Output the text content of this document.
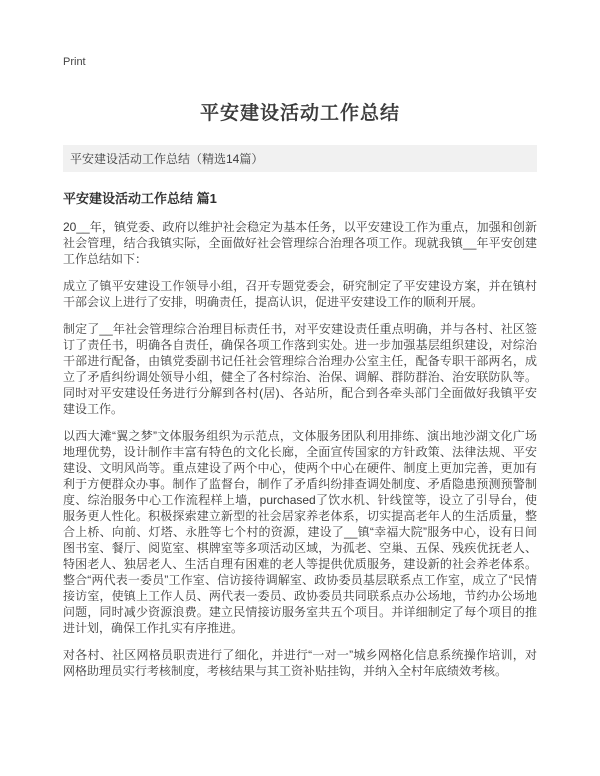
Print
平安建设活动工作总结
平安建设活动工作总结（精选14篇）
平安建设活动工作总结 篇1

20__年，镇党委、政府以维护社会稳定为基本任务，以平安建设工作为重点，加强和创新社会管理，结合我镇实际，全面做好社会管理综合治理各项工作。现就我镇__年平安创建工作总结如下：

成立了镇平安建设工作领导小组，召开专题党委会，研究制定了平安建设方案，并在镇村干部会议上进行了安排，明确责任，提高认识，促进平安建设工作的顺利开展。

制定了__年社会管理综合治理目标责任书，对平安建设责任重点明确，并与各村、社区签订了责任书，明确各自责任，确保各项工作落到实处。进一步加强基层组织建设，对综治干部进行配备，由镇党委副书记任社会管理综合治理办公室主任，配备专职干部两名，成立了矛盾纠纷调处领导小组，健全了各村综治、治保、调解、群防群治、治安联防队等。同时对平安建设任务进行分解到各村(居)、各站所，配合到各牵头部门全面做好我镇平安建设工作。

以西大滩“翼之梦”文体服务组织为示范点，文体服务团队利用排练、演出地沙湖文化广场地理优势，设计制作丰富有特色的文化长廊，全面宣传国家的方针政策、法律法规、平安建设、文明风尚等。重点建设了两个中心，使两个中心在硬件、制度上更加完善，更加有利于方便群众办事。制作了监督台，制作了矛盾纠纷排查调处制度、矛盾隐患预测预警制度、综治服务中心工作流程样上墙，purchased了饮水机、针线筐等，设立了引导台，使服务更人性化。积极探索建立新型的社会居家养老体系，切实提高老年人的生活质量，整合上桥、向前、灯塔、永胜等七个村的资源，建设了__镇“幸福大院”服务中心，设有日间图书室、餐厅、阅览室、棋牌室等多项活动区域，为孤老、空巢、五保、残疾优抚老人、特困老人、独居老人、生活自理有困难的老人等提供优质服务，建设新的社会养老体系。整合“两代表一委员”工作室、信访接待调解室、政协委员基层联系点工作室，成立了“民情接访室，使镇上工作人员、两代表一委员、政协委员共同联系点办公场地，节约办公场地问题，同时减少资源浪费。建立民情接访服务室共五个项目。并详细制定了每个项目的推进计划，确保工作扎实有序推进。

对各村、社区网格员职责进行了细化，并进行“一对一”城乡网格化信息系统操作培训，对网格助理员实行考核制度，考核结果与其工资补贴挂钩，并纳入全村年底绩效考核。
